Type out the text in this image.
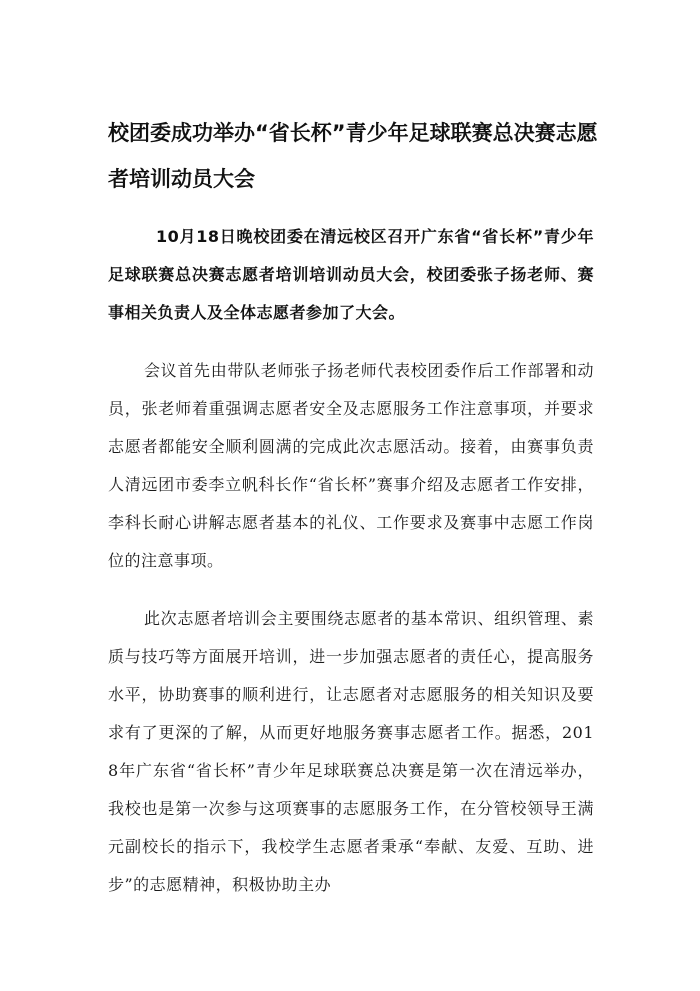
校团委成功举办“省长杯”青少年足球联赛总决赛志愿者培训动员大会

10月18日晚校团委在清远校区召开广东省“省长杯”青少年足球联赛总决赛志愿者培训培训动员大会，校团委张子扬老师、赛事相关负责人及全体志愿者参加了大会。

会议首先由带队老师张子扬老师代表校团委作后工作部署和动员，张老师着重强调志愿者安全及志愿服务工作注意事项，并要求志愿者都能安全顺利圆满的完成此次志愿活动。接着，由赛事负责人清远团市委李立帆科长作“省长杯”赛事介绍及志愿者工作安排，李科长耐心讲解志愿者基本的礼仪、工作要求及赛事中志愿工作岗位的注意事项。

此次志愿者培训会主要围绕志愿者的基本常识、组织管理、素质与技巧等方面展开培训，进一步加强志愿者的责任心，提高服务水平，协助赛事的顺利进行，让志愿者对志愿服务的相关知识及要求有了更深的了解，从而更好地服务赛事志愿者工作。据悉，2018年广东省“省长杯”青少年足球联赛总决赛是第一次在清远举办，我校也是第一次参与这项赛事的志愿服务工作，在分管校领导王满元副校长的指示下，我校学生志愿者秉承“奉献、友爱、互助、进步”的志愿精神，积极协助主办
